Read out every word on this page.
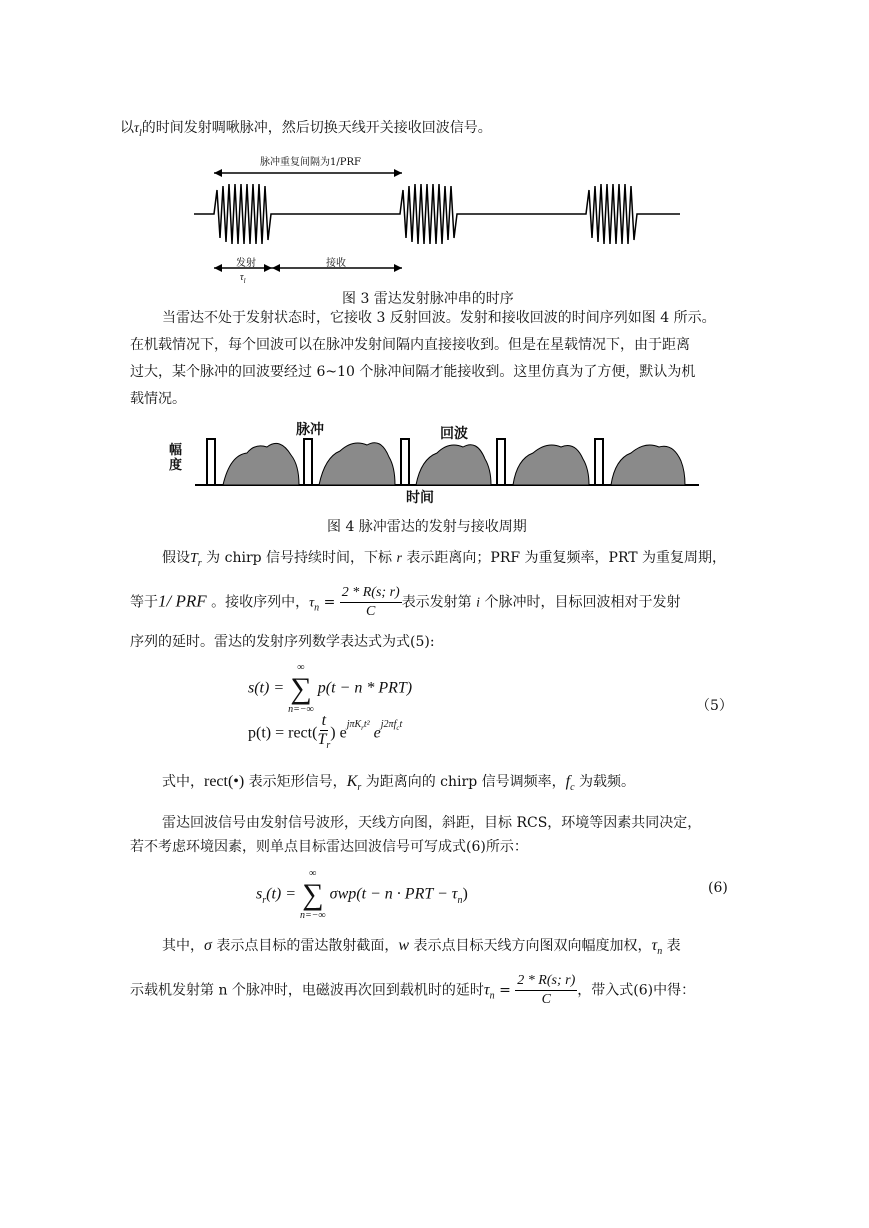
以$\tau_l$的时间发射啁啾脉冲，然后切换天线开关接收回波信号。
脉冲重复间隔为1/PRF
发射
$\tau_l$
接收
图 3 雷达发射脉冲串的时序
当雷达不处于发射状态时，它接收 3 反射回波。发射和接收回波的时间序列如图 4 所示。
在机载情况下，每个回波可以在脉冲发射间隔内直接接收到。但是在星载情况下，由于距离
过大，某个脉冲的回波要经过 6~10 个脉冲间隔才能接收到。这里仿真为了方便，默认为机
载情况。
幅度
脉冲	回波
时间
图 4 脉冲雷达的发射与接收周期
假设$T_r$ 为 chirp 信号持续时间，下标 r 表示距离向；PRF 为重复频率，PRT 为重复周期，
等于1/ PRF 。接收序列中，$\tau_n = \frac{2 * R(s; r)}{C}$ 表示发射第 i 个脉冲时，目标回波相对于发射
序列的延时。雷达的发射序列数学表达式为式(5):
s(t) =
∞
∑
n=−∞
p(t − n * PRT)
p(t) = rect( $\frac{t}{T_r}$ ) $e^{j\pi K_rt^2}$ $e^{j2\pi f_ct}$
（5）
式中，rect(•) 表示矩形信号，$K_r$ 为距离向的 chirp 信号调频率，$f_c$ 为载频。
雷达回波信号由发射信号波形，天线方向图，斜距，目标 RCS，环境等因素共同决定，
若不考虑环境因素，则单点目标雷达回波信号可写成式(6)所示：
$s_r(t)$ =
∞
∑
n=−∞
σwp(t − n · PRT − $\tau_n$)	(6)
其中，σ 表示点目标的雷达散射截面，w 表示点目标天线方向图双向幅度加权，$\tau_n$ 表
示载机发射第 n 个脉冲时，电磁波再次回到载机时的延时$\tau_n = \frac{2 * R(s; r)}{C}$ ，带入式(6)中得：
